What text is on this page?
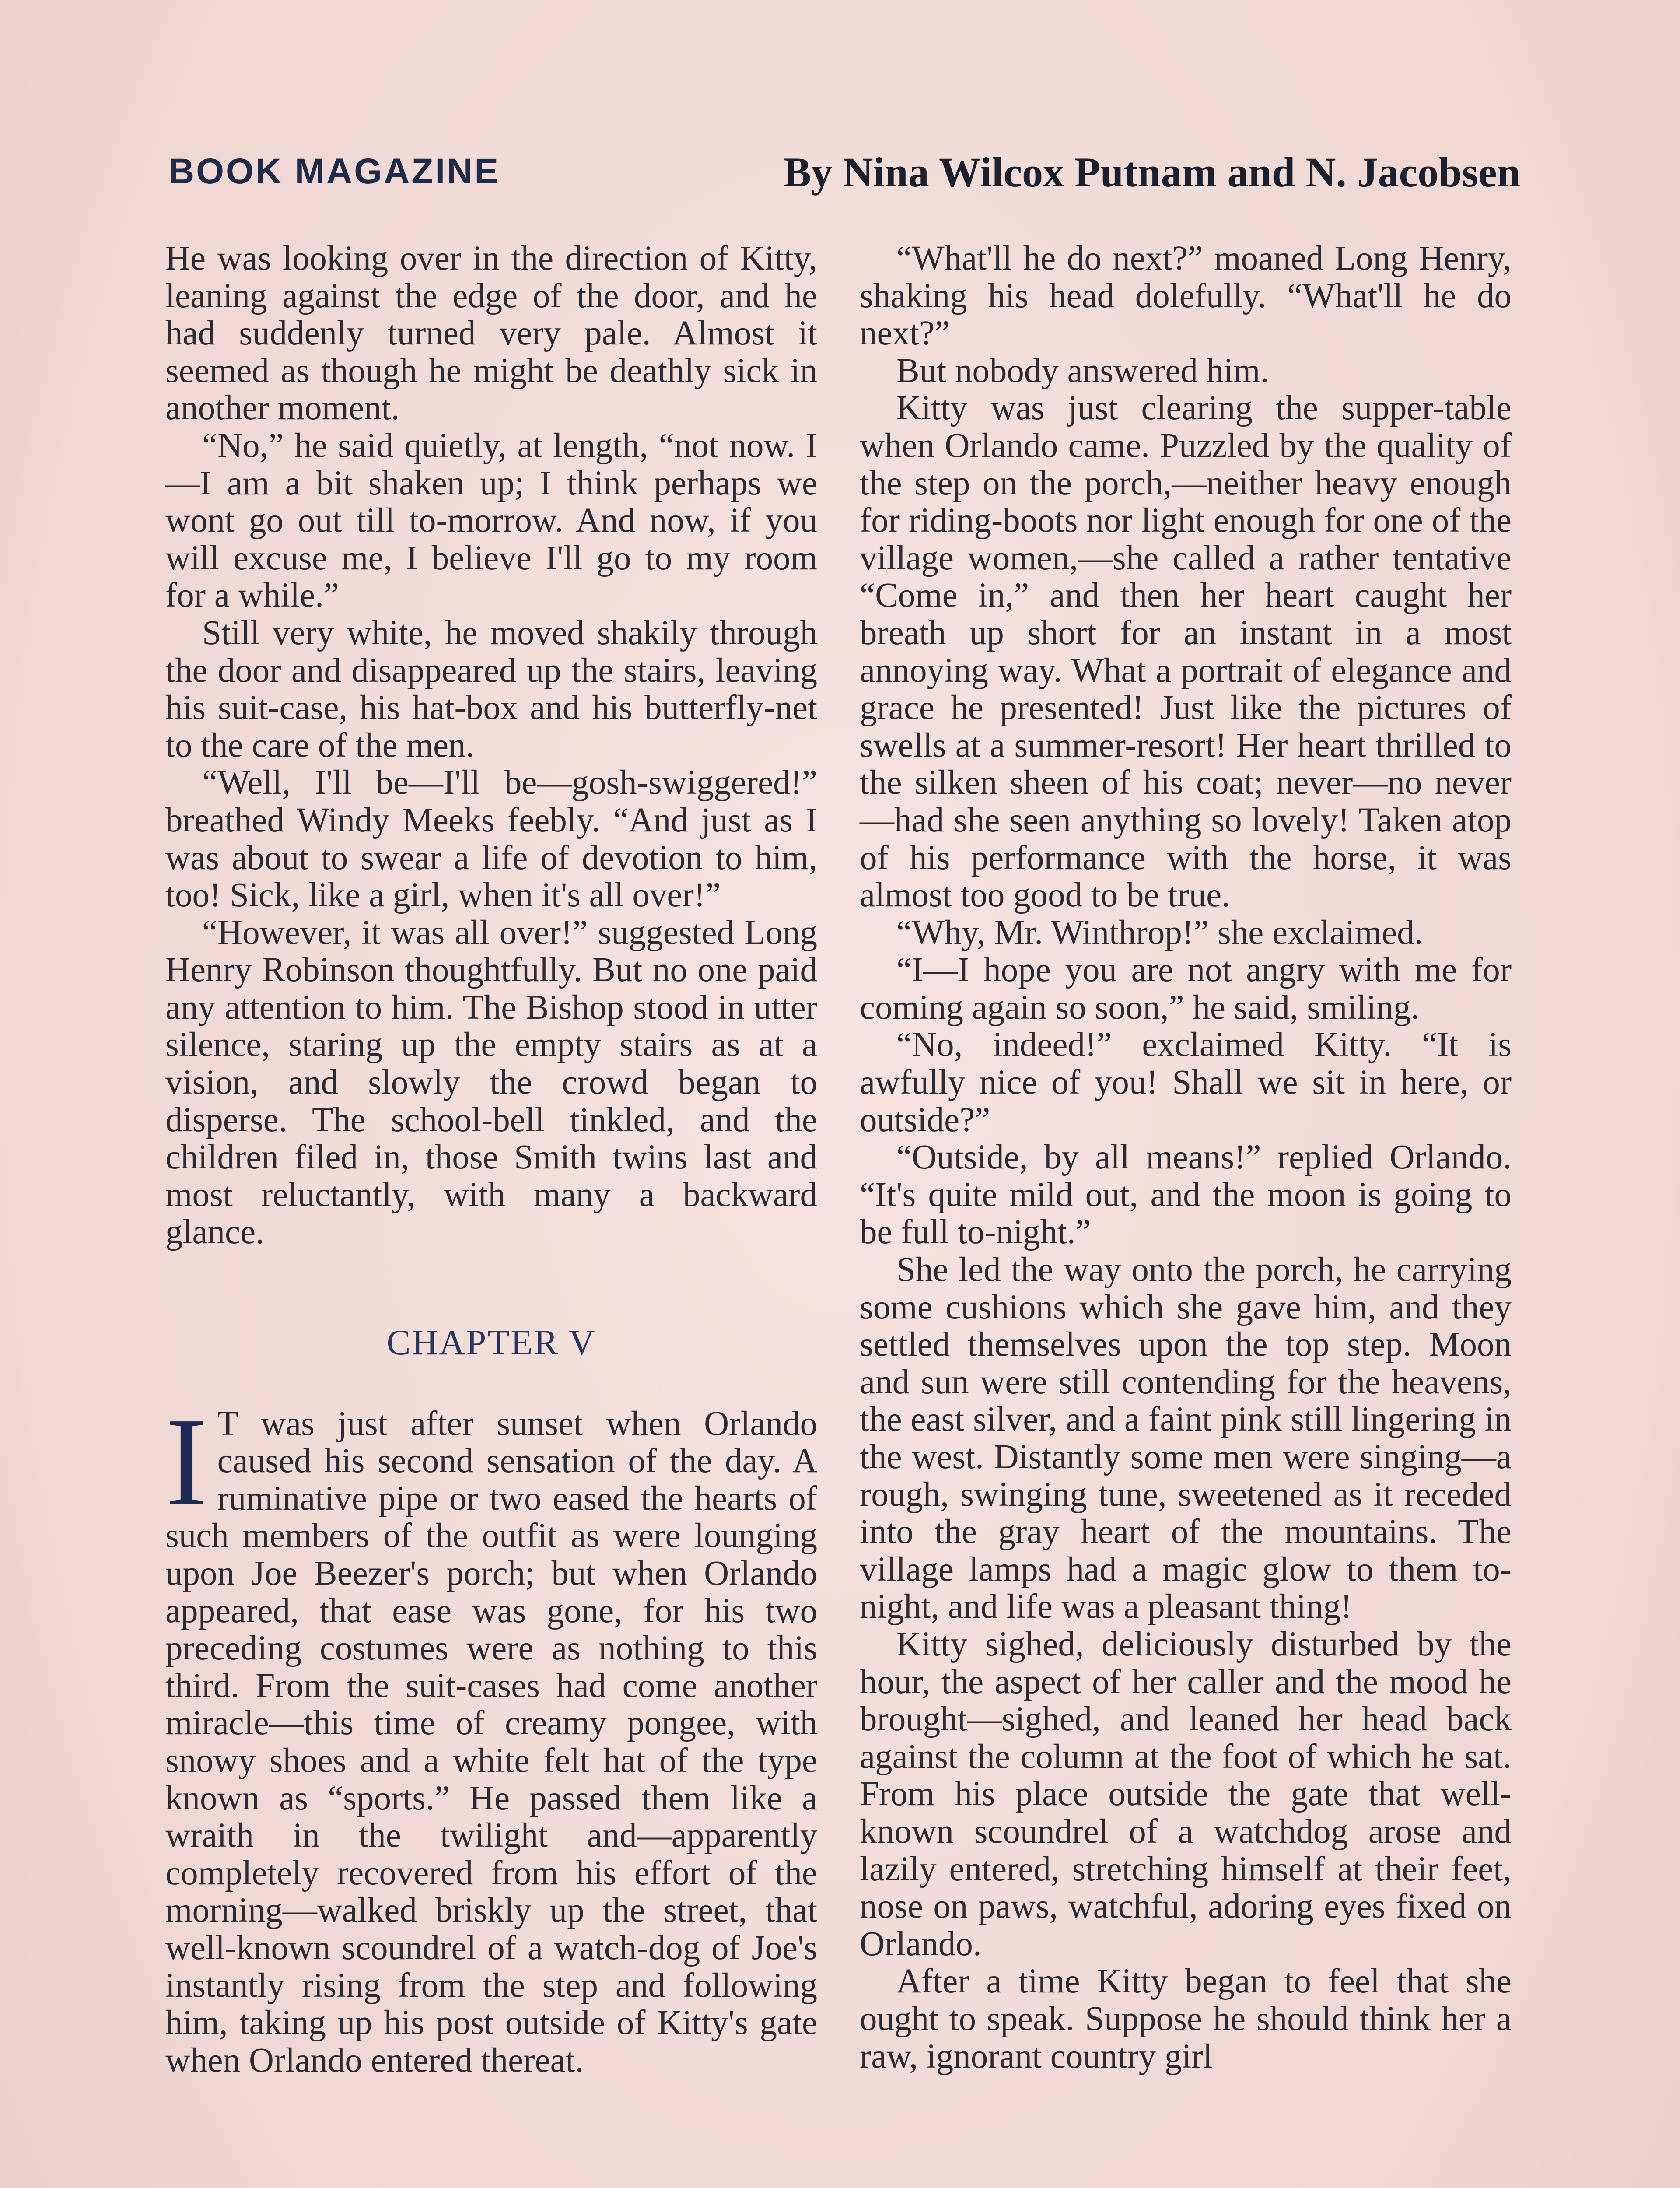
BOOK MAGAZINE	By Nina Wilcox Putnam and N. Jacobsen

He was looking over in the direction of Kitty, leaning against the edge of the door, and he had suddenly turned very pale. Almost it seemed as though he might be deathly sick in another moment.

“No,” he said quietly, at length, “not now. I—I am a bit shaken up; I think perhaps we wont go out till to-morrow. And now, if you will excuse me, I believe I'll go to my room for a while.”

Still very white, he moved shakily through the door and disappeared up the stairs, leaving his suit-case, his hat-box and his butterfly-net to the care of the men.

“Well, I'll be—I'll be—gosh-swiggered!” breathed Windy Meeks feebly. “And just as I was about to swear a life of devotion to him, too! Sick, like a girl, when it's all over!”

“However, it was all over!” suggested Long Henry Robinson thoughtfully. But no one paid any attention to him. The Bishop stood in utter silence, staring up the empty stairs as at a vision, and slowly the crowd began to disperse. The school-bell tinkled, and the children filed in, those Smith twins last and most reluctantly, with many a backward glance.

CHAPTER V

I T was just after sunset when Orlando caused his second sensation of the day. A ruminative pipe or two eased the hearts of such members of the outfit as were lounging upon Joe Beezer's porch; but when Orlando appeared, that ease was gone, for his two preceding costumes were as nothing to this third. From the suit-cases had come another miracle—this time of creamy pongee, with snowy shoes and a white felt hat of the type known as “sports.” He passed them like a wraith in the twilight and—apparently completely recovered from his effort of the morning—walked briskly up the street, that well-known scoundrel of a watch-dog of Joe's instantly rising from the step and following him, taking up his post outside of Kitty's gate when Orlando entered thereat.

“What'll he do next?” moaned Long Henry, shaking his head dolefully. “What'll he do next?”

But nobody answered him.

Kitty was just clearing the supper-table when Orlando came. Puzzled by the quality of the step on the porch,—neither heavy enough for riding-boots nor light enough for one of the village women,—she called a rather tentative “Come in,” and then her heart caught her breath up short for an instant in a most annoying way. What a portrait of elegance and grace he presented! Just like the pictures of swells at a summer-resort! Her heart thrilled to the silken sheen of his coat; never—no never—had she seen anything so lovely! Taken atop of his performance with the horse, it was almost too good to be true.

“Why, Mr. Winthrop!” she exclaimed.

“I—I hope you are not angry with me for coming again so soon,” he said, smiling.

“No, indeed!” exclaimed Kitty. “It is awfully nice of you! Shall we sit in here, or outside?”

“Outside, by all means!” replied Orlando. “It's quite mild out, and the moon is going to be full to-night.”

She led the way onto the porch, he carrying some cushions which she gave him, and they settled themselves upon the top step. Moon and sun were still contending for the heavens, the east silver, and a faint pink still lingering in the west. Distantly some men were singing—a rough, swinging tune, sweetened as it receded into the gray heart of the mountains. The village lamps had a magic glow to them to-night, and life was a pleasant thing!

Kitty sighed, deliciously disturbed by the hour, the aspect of her caller and the mood he brought—sighed, and leaned her head back against the column at the foot of which he sat. From his place outside the gate that well-known scoundrel of a watchdog arose and lazily entered, stretching himself at their feet, nose on paws, watchful, adoring eyes fixed on Orlando.

After a time Kitty began to feel that she ought to speak. Suppose he should think her a raw, ignorant country girl
